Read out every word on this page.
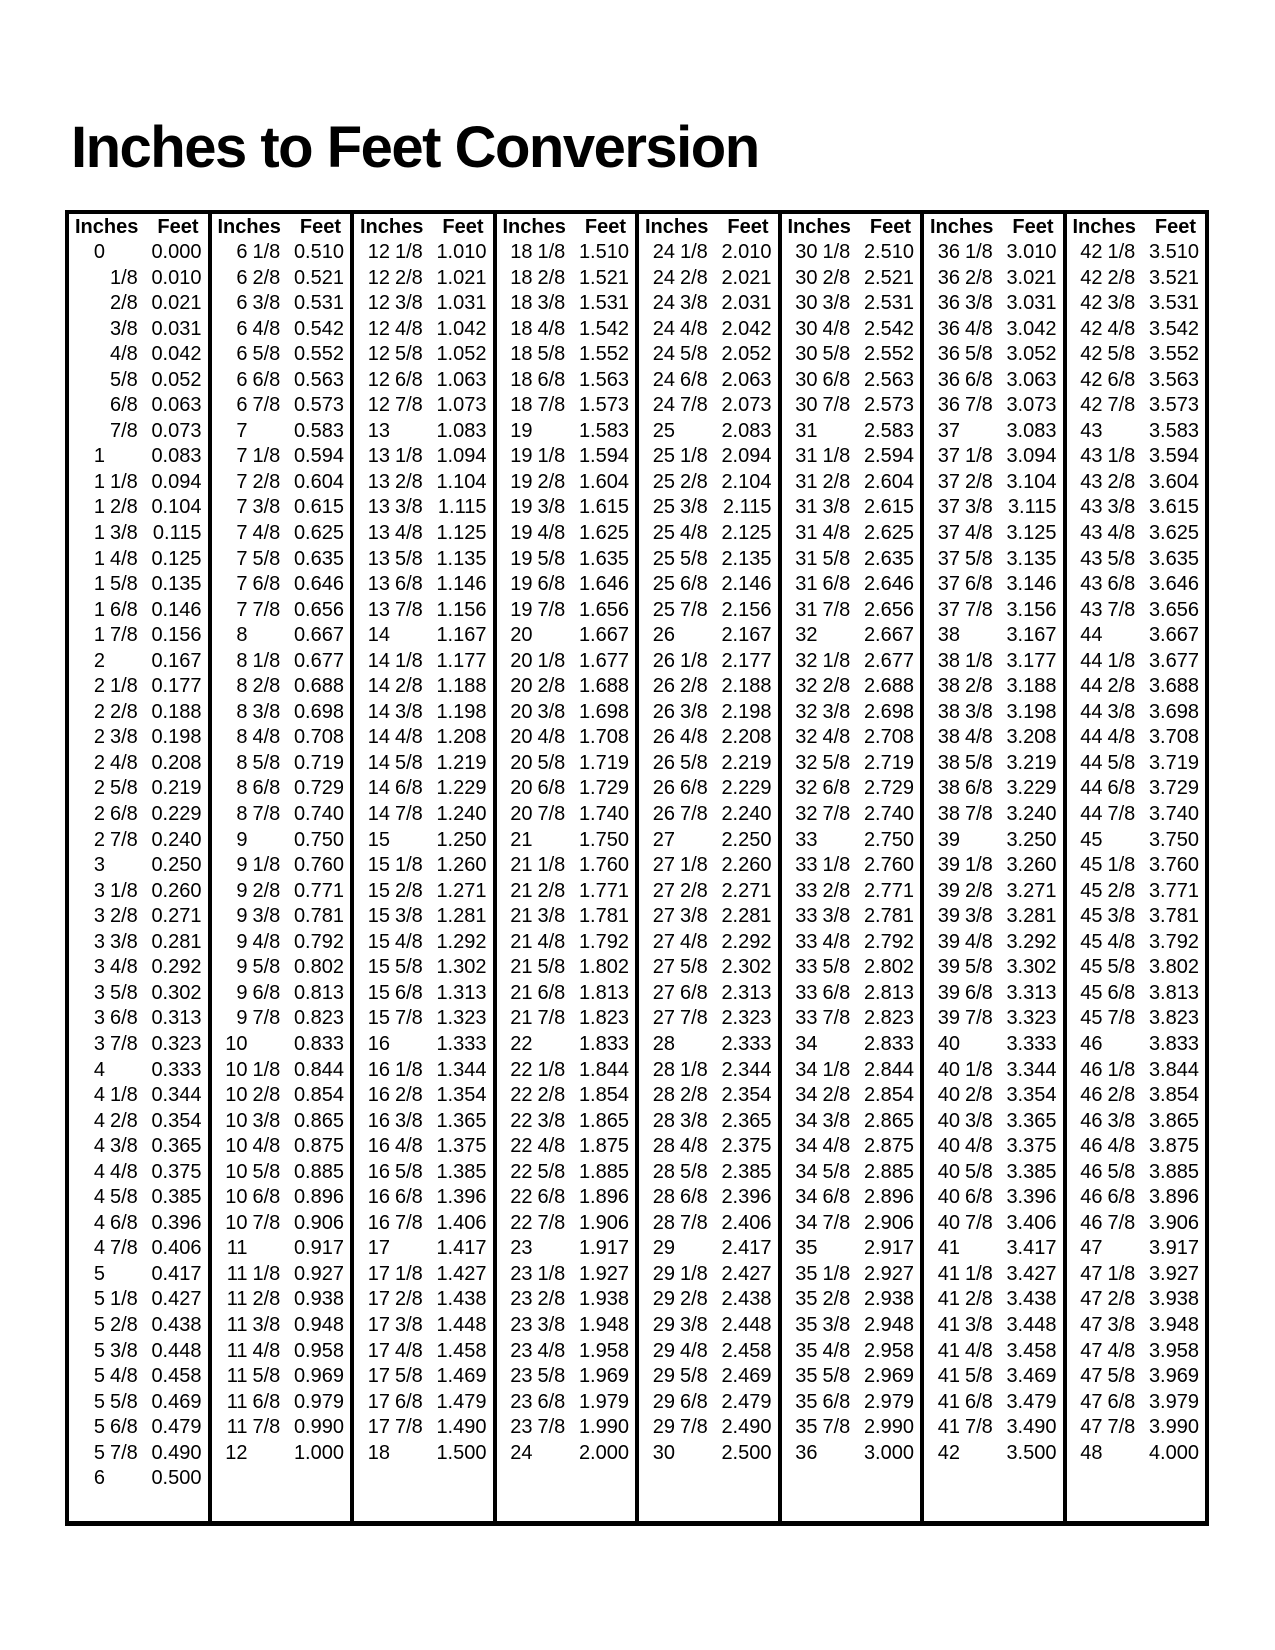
Inches to Feet Conversion
Inches Feet
0	0.000
1/8 0.010
2/8 0.021
3/8 0.031
4/8 0.042
5/8 0.052
6/8 0.063
7/8 0.073
1	0.083
1 1/8 0.094
1 2/8 0.104
1 3/8 0.115
1 4/8 0.125
1 5/8 0.135
1 6/8 0.146
1 7/8 0.156
2	0.167
2 1/8 0.177
2 2/8 0.188
2 3/8 0.198
2 4/8 0.208
2 5/8 0.219
2 6/8 0.229
2 7/8 0.240
3	0.250
3 1/8 0.260
3 2/8 0.271
3 3/8 0.281
3 4/8 0.292
3 5/8 0.302
3 6/8 0.313
3 7/8 0.323
4	0.333
4 1/8 0.344
4 2/8 0.354
4 3/8 0.365
4 4/8 0.375
4 5/8 0.385
4 6/8 0.396
4 7/8 0.406
5	0.417
5 1/8 0.427
5 2/8 0.438
5 3/8 0.448
5 4/8 0.458
5 5/8 0.469
5 6/8 0.479
5 7/8 0.490
6	0.500
Inches Feet
6 1/8 0.510
6 2/8 0.521
6 3/8 0.531
6 4/8 0.542
6 5/8 0.552
6 6/8 0.563
6 7/8 0.573
7	0.583
7 1/8 0.594
7 2/8 0.604
7 3/8 0.615
7 4/8 0.625
7 5/8 0.635
7 6/8 0.646
7 7/8 0.656
8	0.667
8 1/8 0.677
8 2/8 0.688
8 3/8 0.698
8 4/8 0.708
8 5/8 0.719
8 6/8 0.729
8 7/8 0.740
9	0.750
9 1/8 0.760
9 2/8 0.771
9 3/8 0.781
9 4/8 0.792
9 5/8 0.802
9 6/8 0.813
9 7/8 0.823
10	0.833
10 1/8 0.844
10 2/8 0.854
10 3/8 0.865
10 4/8 0.875
10 5/8 0.885
10 6/8 0.896
10 7/8 0.906
11	0.917
11 1/8 0.927
11 2/8 0.938
11 3/8 0.948
11 4/8 0.958
11 5/8 0.969
11 6/8 0.979
11 7/8 0.990
12	1.000
Inches Feet
12 1/8 1.010
12 2/8 1.021
12 3/8 1.031
12 4/8 1.042
12 5/8 1.052
12 6/8 1.063
12 7/8 1.073
13	1.083
13 1/8 1.094
13 2/8 1.104
13 3/8 1.115
13 4/8 1.125
13 5/8 1.135
13 6/8 1.146
13 7/8 1.156
14	1.167
14 1/8 1.177
14 2/8 1.188
14 3/8 1.198
14 4/8 1.208
14 5/8 1.219
14 6/8 1.229
14 7/8 1.240
15	1.250
15 1/8 1.260
15 2/8 1.271
15 3/8 1.281
15 4/8 1.292
15 5/8 1.302
15 6/8 1.313
15 7/8 1.323
16	1.333
16 1/8 1.344
16 2/8 1.354
16 3/8 1.365
16 4/8 1.375
16 5/8 1.385
16 6/8 1.396
16 7/8 1.406
17	1.417
17 1/8 1.427
17 2/8 1.438
17 3/8 1.448
17 4/8 1.458
17 5/8 1.469
17 6/8 1.479
17 7/8 1.490
18	1.500
Inches Feet
18 1/8 1.510
18 2/8 1.521
18 3/8 1.531
18 4/8 1.542
18 5/8 1.552
18 6/8 1.563
18 7/8 1.573
19	1.583
19 1/8 1.594
19 2/8 1.604
19 3/8 1.615
19 4/8 1.625
19 5/8 1.635
19 6/8 1.646
19 7/8 1.656
20	1.667
20 1/8 1.677
20 2/8 1.688
20 3/8 1.698
20 4/8 1.708
20 5/8 1.719
20 6/8 1.729
20 7/8 1.740
21	1.750
21 1/8 1.760
21 2/8 1.771
21 3/8 1.781
21 4/8 1.792
21 5/8 1.802
21 6/8 1.813
21 7/8 1.823
22	1.833
22 1/8 1.844
22 2/8 1.854
22 3/8 1.865
22 4/8 1.875
22 5/8 1.885
22 6/8 1.896
22 7/8 1.906
23	1.917
23 1/8 1.927
23 2/8 1.938
23 3/8 1.948
23 4/8 1.958
23 5/8 1.969
23 6/8 1.979
23 7/8 1.990
24	2.000
Inches Feet
24 1/8 2.010
24 2/8 2.021
24 3/8 2.031
24 4/8 2.042
24 5/8 2.052
24 6/8 2.063
24 7/8 2.073
25	2.083
25 1/8 2.094
25 2/8 2.104
25 3/8 2.115
25 4/8 2.125
25 5/8 2.135
25 6/8 2.146
25 7/8 2.156
26	2.167
26 1/8 2.177
26 2/8 2.188
26 3/8 2.198
26 4/8 2.208
26 5/8 2.219
26 6/8 2.229
26 7/8 2.240
27	2.250
27 1/8 2.260
27 2/8 2.271
27 3/8 2.281
27 4/8 2.292
27 5/8 2.302
27 6/8 2.313
27 7/8 2.323
28	2.333
28 1/8 2.344
28 2/8 2.354
28 3/8 2.365
28 4/8 2.375
28 5/8 2.385
28 6/8 2.396
28 7/8 2.406
29	2.417
29 1/8 2.427
29 2/8 2.438
29 3/8 2.448
29 4/8 2.458
29 5/8 2.469
29 6/8 2.479
29 7/8 2.490
30	2.500
Inches Feet
30 1/8 2.510
30 2/8 2.521
30 3/8 2.531
30 4/8 2.542
30 5/8 2.552
30 6/8 2.563
30 7/8 2.573
31	2.583
31 1/8 2.594
31 2/8 2.604
31 3/8 2.615
31 4/8 2.625
31 5/8 2.635
31 6/8 2.646
31 7/8 2.656
32	2.667
32 1/8 2.677
32 2/8 2.688
32 3/8 2.698
32 4/8 2.708
32 5/8 2.719
32 6/8 2.729
32 7/8 2.740
33	2.750
33 1/8 2.760
33 2/8 2.771
33 3/8 2.781
33 4/8 2.792
33 5/8 2.802
33 6/8 2.813
33 7/8 2.823
34	2.833
34 1/8 2.844
34 2/8 2.854
34 3/8 2.865
34 4/8 2.875
34 5/8 2.885
34 6/8 2.896
34 7/8 2.906
35	2.917
35 1/8 2.927
35 2/8 2.938
35 3/8 2.948
35 4/8 2.958
35 5/8 2.969
35 6/8 2.979
35 7/8 2.990
36	3.000
Inches Feet
36 1/8 3.010
36 2/8 3.021
36 3/8 3.031
36 4/8 3.042
36 5/8 3.052
36 6/8 3.063
36 7/8 3.073
37	3.083
37 1/8 3.094
37 2/8 3.104
37 3/8 3.115
37 4/8 3.125
37 5/8 3.135
37 6/8 3.146
37 7/8 3.156
38	3.167
38 1/8 3.177
38 2/8 3.188
38 3/8 3.198
38 4/8 3.208
38 5/8 3.219
38 6/8 3.229
38 7/8 3.240
39	3.250
39 1/8 3.260
39 2/8 3.271
39 3/8 3.281
39 4/8 3.292
39 5/8 3.302
39 6/8 3.313
39 7/8 3.323
40	3.333
40 1/8 3.344
40 2/8 3.354
40 3/8 3.365
40 4/8 3.375
40 5/8 3.385
40 6/8 3.396
40 7/8 3.406
41	3.417
41 1/8 3.427
41 2/8 3.438
41 3/8 3.448
41 4/8 3.458
41 5/8 3.469
41 6/8 3.479
41 7/8 3.490
42	3.500
Inches Feet
42 1/8 3.510
42 2/8 3.521
42 3/8 3.531
42 4/8 3.542
42 5/8 3.552
42 6/8 3.563
42 7/8 3.573
43	3.583
43 1/8 3.594
43 2/8 3.604
43 3/8 3.615
43 4/8 3.625
43 5/8 3.635
43 6/8 3.646
43 7/8 3.656
44	3.667
44 1/8 3.677
44 2/8 3.688
44 3/8 3.698
44 4/8 3.708
44 5/8 3.719
44 6/8 3.729
44 7/8 3.740
45	3.750
45 1/8 3.760
45 2/8 3.771
45 3/8 3.781
45 4/8 3.792
45 5/8 3.802
45 6/8 3.813
45 7/8 3.823
46	3.833
46 1/8 3.844
46 2/8 3.854
46 3/8 3.865
46 4/8 3.875
46 5/8 3.885
46 6/8 3.896
46 7/8 3.906
47	3.917
47 1/8 3.927
47 2/8 3.938
47 3/8 3.948
47 4/8 3.958
47 5/8 3.969
47 6/8 3.979
47 7/8 3.990
48	4.000
